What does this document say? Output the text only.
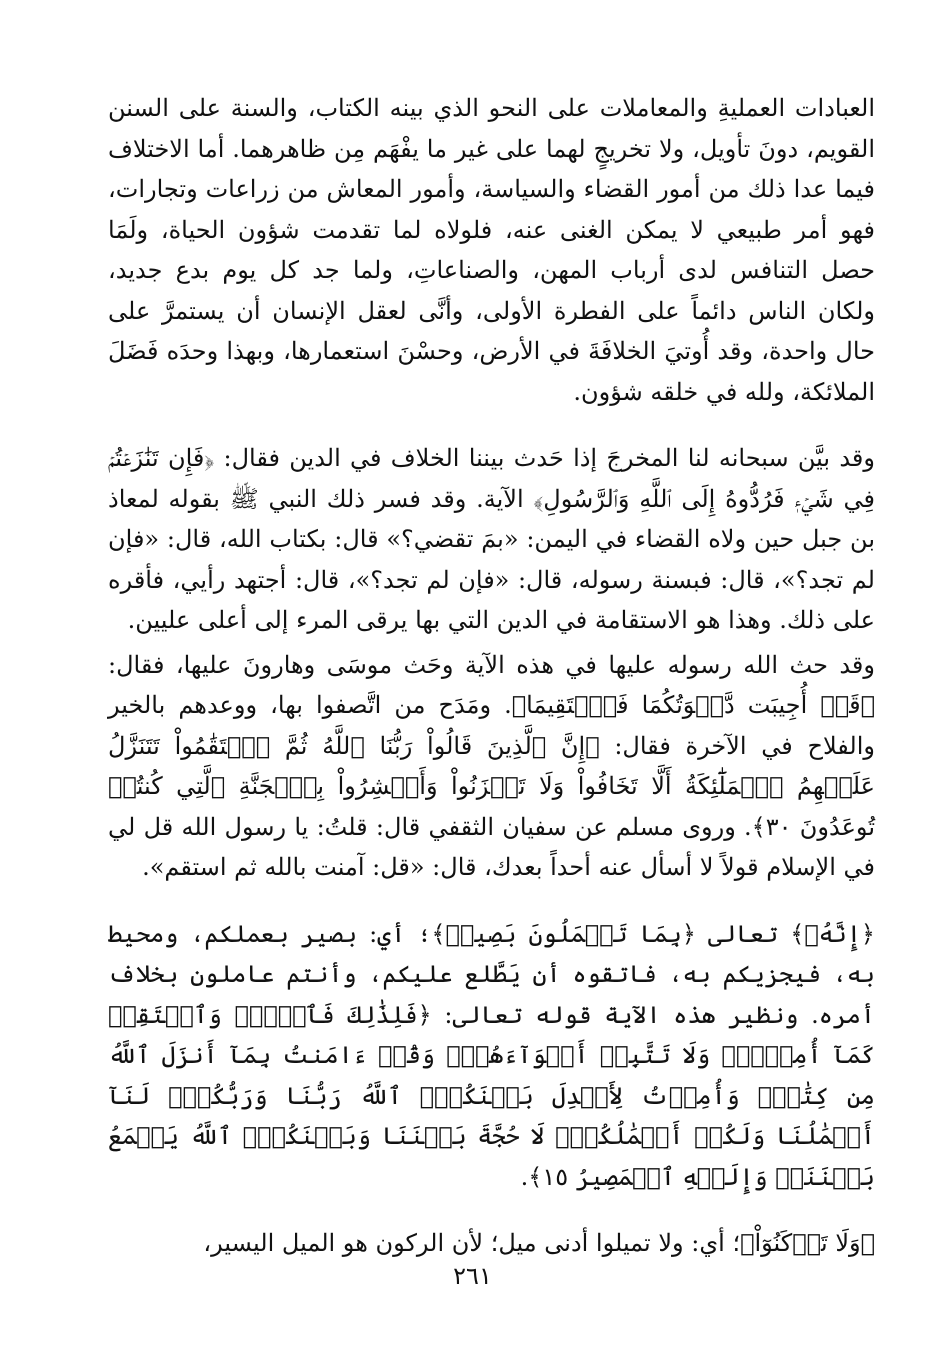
العبادات العمليةِ والمعاملات على النحو الذي بينه الكتاب، والسنة على السنن القويم، دونَ تأويل، ولا تخريجٍ لهما على غير ما يفْهَم مِن ظاهرهما. أما الاختلاف فيما عدا ذلك من أمور القضاء والسياسة، وأمور المعاش من زراعات وتجارات، فهو أمر طبيعي لا يمكن الغنى عنه، فلولاه لما تقدمت شؤون الحياة، ولَمَا حصل التنافس لدى أرباب المهن، والصناعاتِ، ولما جد كل يوم بدع جديد، ولكان الناس دائماً على الفطرة الأولى، وأنَّى لعقل الإنسان أن يستمرَّ على حال واحدة، وقد أُوتيَ الخلافَةَ في الأرض، وحسْنَ استعمارها، وبهذا وحدَه فَضَلَ الملائكة، ولله في خلقه شؤون.

وقد بيَّن سبحانه لنا المخرجَ إذا حَدث بيننا الخلاف في الدين فقال: ﴿فَإِن تَنَٰزَعۡتُمۡ فِي شَيۡءٖ فَرُدُّوهُ إِلَى ٱللَّهِ وَٱلرَّسُولِ﴾ الآية. وقد فسر ذلك النبي ﷺ بقوله لمعاذ بن جبل حين ولاه القضاء في اليمن: «بمَ تقضي؟» قال: بكتاب الله، قال: «فإن لم تجد؟»، قال: فبسنة رسوله، قال: «فإن لم تجد؟»، قال: أجتهد رأيي، فأقره على ذلك. وهذا هو الاستقامة في الدين التي بها يرقى المرء إلى أعلى عليين.

وقد حث الله رسوله عليها في هذه الآية وحَث موسَى وهارونَ عليها، فقال: ﴿قَدۡ أُجِيبَت دَّعۡوَتُكُمَا فَٱسۡتَقِيمَا﴾. ومَدَح من اتَّصفوا بها، ووعدهم بالخير والفلاح في الآخرة فقال: ﴿إِنَّ ٱلَّذِينَ قَالُواْ رَبُّنَا ٱللَّهُ ثُمَّ ٱسۡتَقَٰمُواْ تَتَنَزَّلُ عَلَيۡهِمُ ٱلۡمَلَٰٓئِكَةُ أَلَّا تَخَافُواْ وَلَا تَحۡزَنُواْ وَأَبۡشِرُواْ بِٱلۡجَنَّةِ ٱلَّتِي كُنتُمۡ تُوعَدُونَ ٣٠﴾. وروى مسلم عن سفيان الثقفي قال: قلتُ: يا رسول الله قل لي في الإسلام قولاً لا أسأل عنه أحداً بعدك، قال: «قل: آمنت بالله ثم استقم».

﴿إِنَّهُۥ﴾ تعالى ﴿بِمَا تَعۡمَلُونَ بَصِيرٞ﴾؛ أي: بصير بعملكم، ومحيط به، فيجزيكم به، فاتقوه أن يَطَّلع عليكم، وأنتم عاملون بخلاف أمره. ونظير هذه الآية قوله تعالى: ﴿فَلِذَٰلِكَ فَٱدۡعُۖ وَٱسۡتَقِمۡ كَمَآ أُمِرۡتَۖ وَلَا تَتَّبِعۡ أَهۡوَآءَهُمۡۖ وَقُلۡ ءَامَنتُ بِمَآ أَنزَلَ ٱللَّهُ مِن كِتَٰبٖۖ وَأُمِرۡتُ لِأَعۡدِلَ بَيۡنَكُمُۖ ٱللَّهُ رَبُّنَا وَرَبُّكُمۡۖ لَنَآ أَعۡمَٰلُنَا وَلَكُمۡ أَعۡمَٰلُكُمۡۖ لَا حُجَّةَ بَيۡنَنَا وَبَيۡنَكُمُۖ ٱللَّهُ يَجۡمَعُ بَيۡنَنَاۖ وَإِلَيۡهِ ٱلۡمَصِيرُ ١٥﴾.

﴿وَلَا تَرۡكَنُوٓاْ﴾؛ أي: ولا تميلوا أدنى ميل؛ لأن الركون هو الميل اليسير،

٢٦١
